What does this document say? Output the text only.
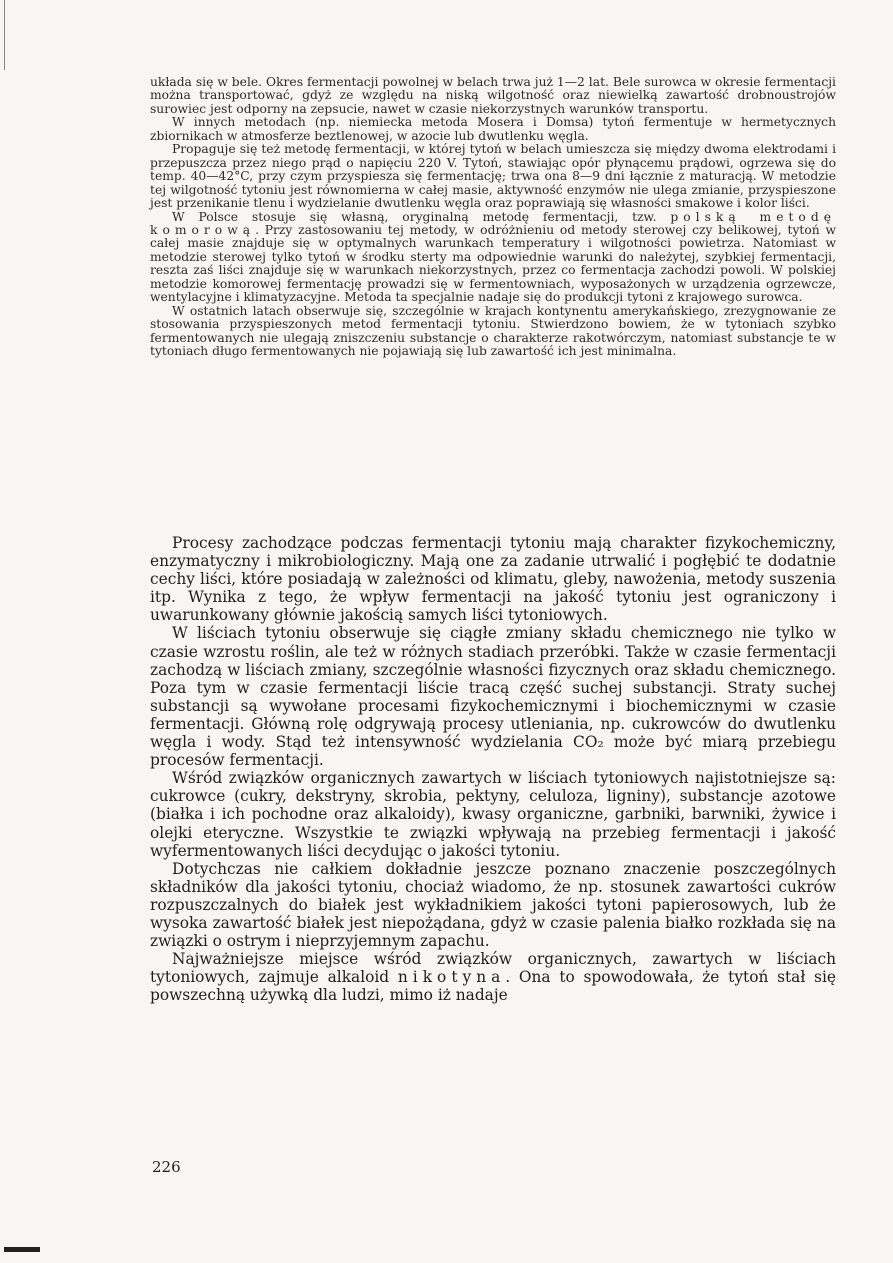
układa się w bele. Okres fermentacji powolnej w belach trwa już 1—2 lat. Bele surowca w okresie fermentacji można transportować, gdyż ze względu na niską wilgotność oraz niewielką zawartość drobnoustrojów surowiec jest odporny na zepsucie, nawet w czasie niekorzystnych warunków transportu.

W innych metodach (np. niemiecka metoda Mosera i Domsa) tytoń fermentuje w hermetycznych zbiornikach w atmosferze beztlenowej, w azocie lub dwutlenku węgla.

Propaguje się też metodę fermentacji, w której tytoń w belach umieszcza się między dwoma elektrodami i przepuszcza przez niego prąd o napięciu 220 V. Tytoń, stawiając opór płynącemu prądowi, ogrzewa się do temp. 40—42°C, przy czym przyspiesza się fermentację; trwa ona 8—9 dni łącznie z maturacją. W metodzie tej wilgotność tytoniu jest równomierna w całej masie, aktywność enzymów nie ulega zmianie, przyspieszone jest przenikanie tlenu i wydzielanie dwutlenku węgla oraz poprawiają się własności smakowe i kolor liści.

W Polsce stosuje się własną, oryginalną metodę fermentacji, tzw. polską metodę komorową. Przy zastosowaniu tej metody, w odróżnieniu od metody sterowej czy belikowej, tytoń w całej masie znajduje się w optymalnych warunkach temperatury i wilgotności powietrza. Natomiast w metodzie sterowej tylko tytoń w środku sterty ma odpowiednie warunki do należytej, szybkiej fermentacji, reszta zaś liści znajduje się w warunkach niekorzystnych, przez co fermentacja zachodzi powoli. W polskiej metodzie komorowej fermentację prowadzi się w fermentowniach, wyposażonych w urządzenia ogrzewcze, wentylacyjne i klimatyzacyjne. Metoda ta specjalnie nadaje się do produkcji tytoni z krajowego surowca.

W ostatnich latach obserwuje się, szczególnie w krajach kontynentu amerykańskiego, zrezygnowanie ze stosowania przyspieszonych metod fermentacji tytoniu. Stwierdzono bowiem, że w tytoniach szybko fermentowanych nie ulegają zniszczeniu substancje o charakterze rakotwórczym, natomiast substancje te w tytoniach długo fermentowanych nie pojawiają się lub zawartość ich jest minimalna.

Procesy zachodzące podczas fermentacji tytoniu mają charakter fizykochemiczny, enzymatyczny i mikrobiologiczny. Mają one za zadanie utrwalić i pogłębić te dodatnie cechy liści, które posiadają w zależności od klimatu, gleby, nawożenia, metody suszenia itp. Wynika z tego, że wpływ fermentacji na jakość tytoniu jest ograniczony i uwarunkowany głównie jakością samych liści tytoniowych.

W liściach tytoniu obserwuje się ciągłe zmiany składu chemicznego nie tylko w czasie wzrostu roślin, ale też w różnych stadiach przeróbki. Także w czasie fermentacji zachodzą w liściach zmiany, szczególnie własności fizycznych oraz składu chemicznego. Poza tym w czasie fermentacji liście tracą część suchej substancji. Straty suchej substancji są wywołane procesami fizykochemicznymi i biochemicznymi w czasie fermentacji. Główną rolę odgrywają procesy utleniania, np. cukrowców do dwutlenku węgla i wody. Stąd też intensywność wydzielania CO₂ może być miarą przebiegu procesów fermentacji.

Wśród związków organicznych zawartych w liściach tytoniowych najistotniejsze są: cukrowce (cukry, dekstryny, skrobia, pektyny, celuloza, ligniny), substancje azotowe (białka i ich pochodne oraz alkaloidy), kwasy organiczne, garbniki, barwniki, żywice i olejki eteryczne. Wszystkie te związki wpływają na przebieg fermentacji i jakość wyfermentowanych liści decydując o jakości tytoniu.

Dotychczas nie całkiem dokładnie jeszcze poznano znaczenie poszczególnych składników dla jakości tytoniu, chociaż wiadomo, że np. stosunek zawartości cukrów rozpuszczalnych do białek jest wykładnikiem jakości tytoni papierosowych, lub że wysoka zawartość białek jest niepożądana, gdyż w czasie palenia białko rozkłada się na związki o ostrym i nieprzyjemnym zapachu.

Najważniejsze miejsce wśród związków organicznych, zawartych w liściach tytoniowych, zajmuje alkaloid nikotyna. Ona to spowodowała, że tytoń stał się powszechną używką dla ludzi, mimo iż nadaje

226
